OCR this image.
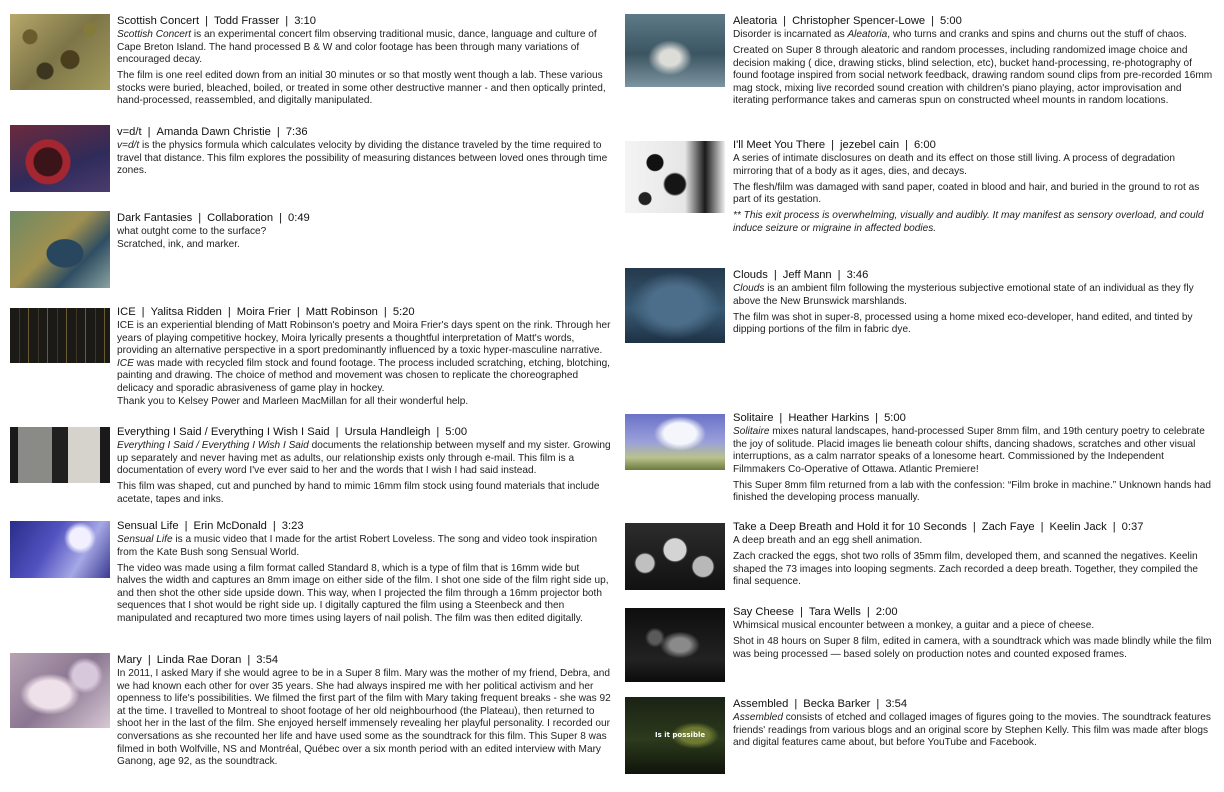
Scottish Concert | Todd Frasser | 3:10
Scottish Concert is an experimental concert film observing traditional music, dance, language and culture of Cape Breton Island. The hand processed B & W and color footage has been through many variations of encouraged decay.
The film is one reel edited down from an initial 30 minutes or so that mostly went though a lab. These various stocks were buried, bleached, boiled, or treated in some other destructive manner - and then optically printed, hand-processed, reassembled, and digitally manipulated.
v=d/t | Amanda Dawn Christie | 7:36
v=d/t is the physics formula which calculates velocity by dividing the distance traveled by the time required to travel that distance. This film explores the possibility of measuring distances between loved ones through time zones.
Dark Fantasies | Collaboration | 0:49
what outght come to the surface?
Scratched, ink, and marker.
ICE | Yalitsa Ridden | Moira Frier | Matt Robinson | 5:20
ICE is an experiential blending of Matt Robinson's poetry and Moira Frier's days spent on the rink. Through her years of playing competitive hockey, Moira lyrically presents a thoughtful interpretation of Matt's words, providing an alternative perspective in a sport predominantly influenced by a toxic hyper-masculine narrative.  ICE was made with recycled film stock and found footage. The process included scratching, etching, blotching, painting and drawing. The choice of method and movement was chosen to replicate the choreographed delicacy and sporadic abrasiveness of game play in hockey.
Thank you to Kelsey Power and Marleen MacMillan for all their wonderful help.
Everything I Said / Everything I Wish I Said | Ursula Handleigh | 5:00
Everything I Said / Everything I Wish I Said documents the relationship between myself and my sister. Growing up separately and never having met as adults, our relationship exists only through e-mail. This film is a documentation of every word I've ever said to her and the words that I wish I had said instead.
This film was shaped, cut and punched by hand to mimic 16mm film stock using found materials that include acetate, tapes and inks.
Sensual Life | Erin McDonald | 3:23
Sensual Life is a music video that I made for the artist Robert Loveless. The song and video took inspiration from the Kate Bush song Sensual World.
The video was made using a film format called Standard 8, which is a type of film that is 16mm wide but halves the width and captures an 8mm image on either side of the film. I shot one side of the film right side up, and then shot the other side upside down. This way, when I projected the film through a 16mm projector both sequences that I shot would be right side up. I digitally captured the film using a Steenbeck and then manipulated and recaptured two more times using layers of nail polish. The film was then edited digitally.
Mary | Linda Rae Doran | 3:54
In 2011, I asked Mary if she would agree to be in a Super 8 film. Mary was the mother of my friend, Debra, and we had known each other for over 35 years. She had always inspired me with her political activism and her openness to life's possibilities. We filmed the first part of the film with Mary taking frequent breaks - she was 92 at the time. I travelled to Montreal to shoot footage of her old neighbourhood (the Plateau), then returned to shoot her in the last of the film. She enjoyed herself immensely revealing her playful personality. I recorded our conversations as she recounted her life and have used some as the soundtrack for this film. This Super 8 was filmed in both Wolfville, NS and Montréal, Québec over a six month period with an edited interview with Mary Ganong, age 92, as the soundtrack.
Aleatoria | Christopher Spencer-Lowe | 5:00
Disorder is incarnated as Aleatoria, who turns and cranks and spins and churns out the stuff of chaos.
Created on Super 8 through aleatoric and random processes, including randomized image choice and decision making ( dice, drawing sticks, blind selection, etc), bucket hand-processing, re-photography of found footage inspired from social network feedback, drawing random sound clips from pre-recorded 16mm mag stock, mixing live recorded sound creation with children's piano playing, actor improvisation and iterating performance takes and cameras spun on constructed wheel mounts in random locations.
I'll Meet You There | jezebel cain | 6:00
A series of intimate disclosures on death and its effect on those still living. A process of degradation mirroring that of a body as it ages, dies, and decays.
The flesh/film was damaged with sand paper, coated in blood and hair, and buried in the ground to rot as part of its gestation.
** This exit process is overwhelming, visually and audibly. It may manifest as sensory overload, and could induce seizure or migraine in affected bodies.
Clouds | Jeff Mann | 3:46
Clouds is an ambient film following the mysterious subjective emotional state of an individual as they fly above the New Brunswick marshlands.
The film was shot in super-8, processed using a home mixed eco-developer, hand edited, and tinted by dipping portions of the film in fabric dye.
Solitaire | Heather Harkins | 5:00
Solitaire mixes natural landscapes, hand-processed Super 8mm film, and 19th century poetry to celebrate the joy of solitude. Placid images lie beneath colour shifts, dancing shadows, scratches and other visual interruptions, as a calm narrator speaks of a lonesome heart. Commissioned by the Independent Filmmakers Co-Operative of Ottawa. Atlantic Premiere!
This Super 8mm film returned from a lab with the confession: “Film broke in machine.” Unknown hands had finished the developing process manually.
Take a Deep Breath and Hold it for 10 Seconds | Zach Faye | Keelin Jack | 0:37
A deep breath and an egg shell animation.
Zach cracked the eggs, shot two rolls of 35mm film, developed them, and scanned the negatives. Keelin shaped the 73 images into looping segments. Zach recorded a deep breath. Together, they compiled the final sequence.
Say Cheese | Tara Wells | 2:00
Whimsical musical encounter between a monkey, a guitar and a piece of cheese.
Shot in 48 hours on Super 8 film, edited in camera, with a soundtrack which was made blindly while the film was being processed — based solely on production notes and counted exposed frames.
Is it possible
Assembled | Becka Barker | 3:54
Assembled consists of etched and collaged images of figures going to the movies. The soundtrack features friends' readings from various blogs and an original score by Stephen Kelly. This film was made after blogs and digital features came about, but before YouTube and Facebook.
